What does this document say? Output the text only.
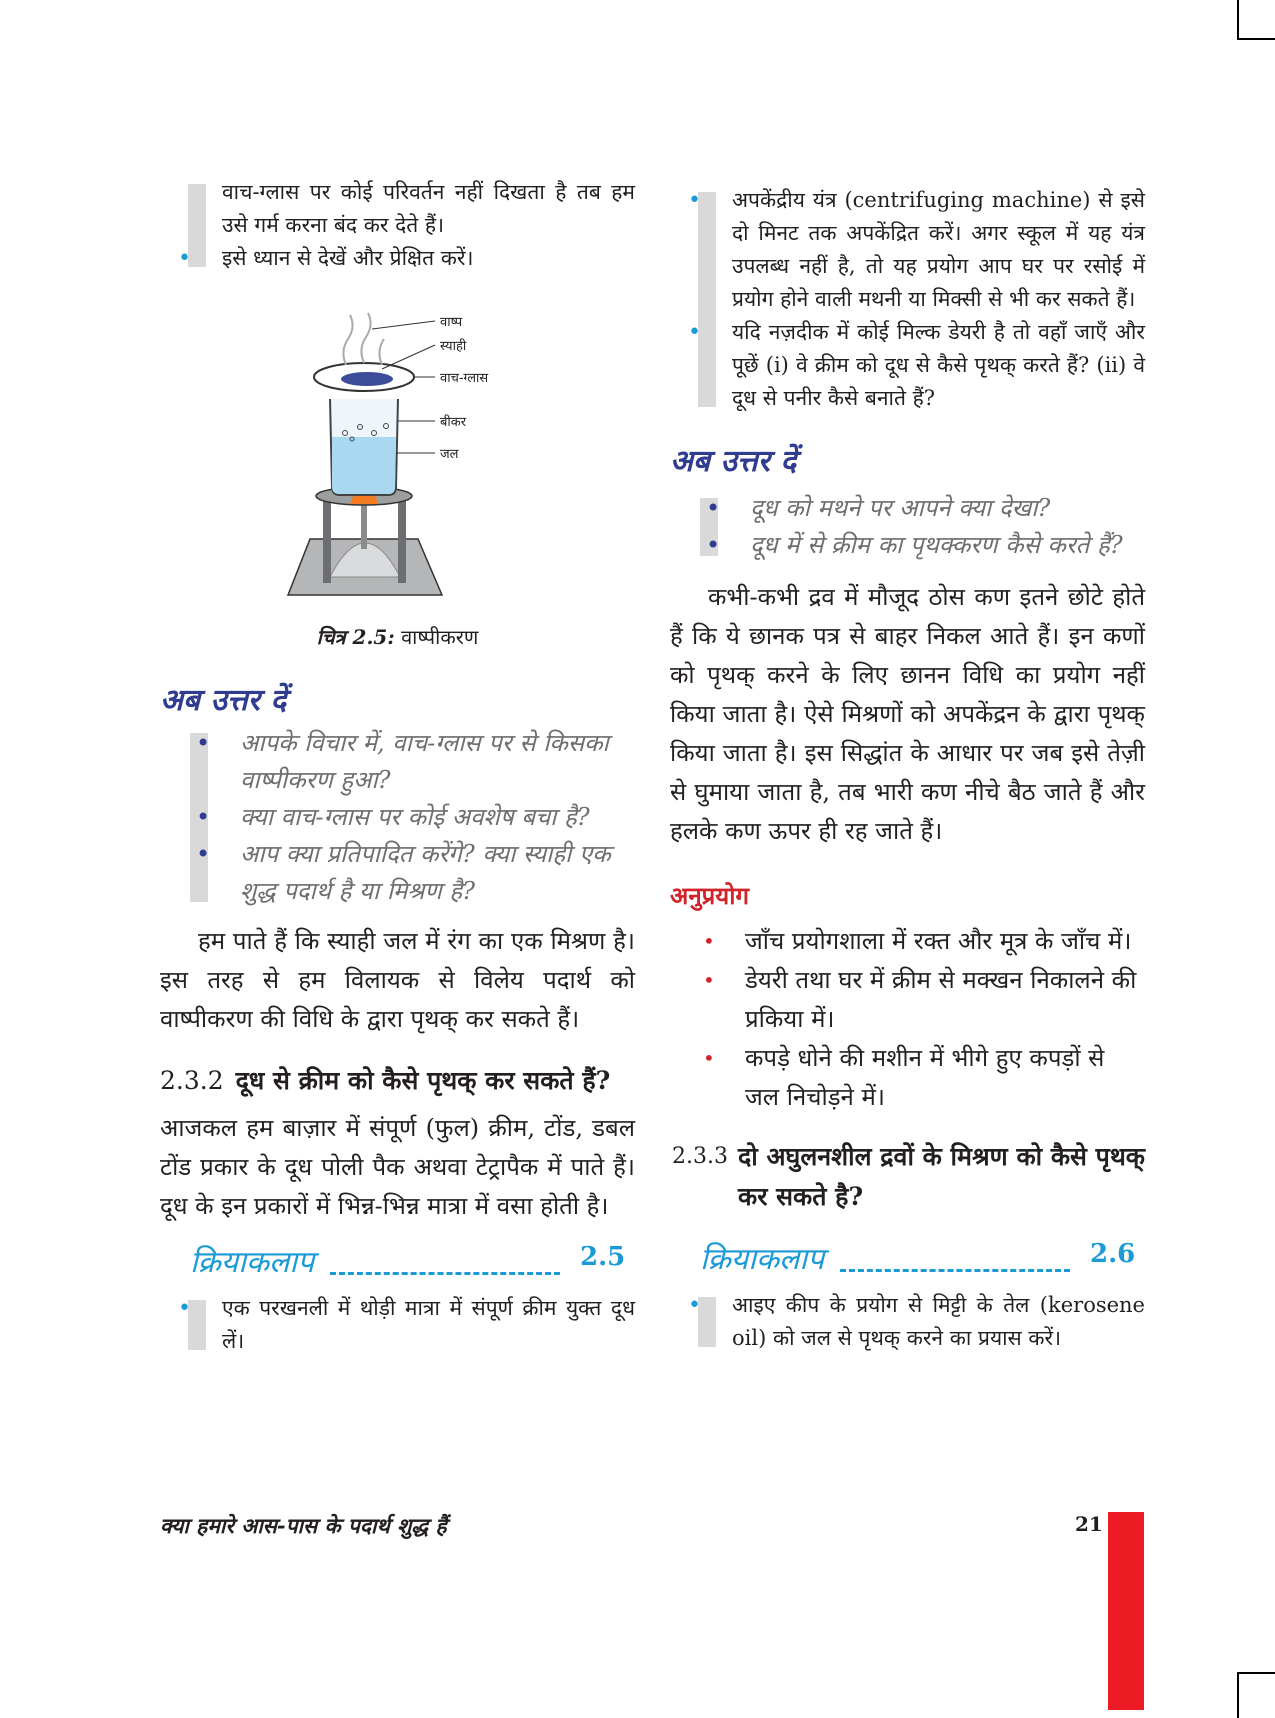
वाच-ग्लास पर कोई परिवर्तन नहीं दिखता है तब हम उसे गर्म करना बंद कर देते हैं।
• इसे ध्यान से देखें और प्रेक्षित करें।
वाष्प
स्याही
वाच-ग्लास
बीकर
जल
चित्र 2.5: वाष्पीकरण
अब उत्तर दें
• आपके विचार में, वाच-ग्लास पर से किसका वाष्पीकरण हुआ?
• क्या वाच-ग्लास पर कोई अवशेष बचा है?
• आप क्या प्रतिपादित करेंगे? क्या स्याही एक शुद्ध पदार्थ है या मिश्रण है?

हम पाते हैं कि स्याही जल में रंग का एक मिश्रण है। इस तरह से हम विलायक से विलेय पदार्थ को वाष्पीकरण की विधि के द्वारा पृथक् कर सकते हैं।

2.3.2 दूध से क्रीम को कैसे पृथक् कर सकते हैं?

आजकल हम बाज़ार में संपूर्ण (फुल) क्रीम, टोंड, डबल टोंड प्रकार के दूध पोली पैक अथवा टेट्रापैक में पाते हैं। दूध के इन प्रकारों में भिन्न-भिन्न मात्रा में वसा होती है।

क्रियाकलाप	2.5
• एक परखनली में थोड़ी मात्रा में संपूर्ण क्रीम युक्त दूध लें।
• अपकेंद्रीय यंत्र (centrifuging machine) से इसे दो मिनट तक अपकेंद्रित करें। अगर स्कूल में यह यंत्र उपलब्ध नहीं है, तो यह प्रयोग आप घर पर रसोई में प्रयोग होने वाली मथनी या मिक्सी से भी कर सकते हैं।
• यदि नज़दीक में कोई मिल्क डेयरी है तो वहाँ जाएँ और पूछें (i) वे क्रीम को दूध से कैसे पृथक् करते हैं? (ii) वे दूध से पनीर कैसे बनाते हैं?
अब उत्तर दें
• दूध को मथने पर आपने क्या देखा?
• दूध में से क्रीम का पृथक्करण कैसे करते हैं?

कभी-कभी द्रव में मौजूद ठोस कण इतने छोटे होते हैं कि ये छानक पत्र से बाहर निकल आते हैं। इन कणों को पृथक् करने के लिए छानन विधि का प्रयोग नहीं किया जाता है। ऐसे मिश्रणों को अपकेंद्रन के द्वारा पृथक् किया जाता है। इस सिद्धांत के आधार पर जब इसे तेज़ी से घुमाया जाता है, तब भारी कण नीचे बैठ जाते हैं और हलके कण ऊपर ही रह जाते हैं।

अनुप्रयोग
• जाँच प्रयोगशाला में रक्त और मूत्र के जाँच में।
• डेयरी तथा घर में क्रीम से मक्खन निकालने की प्रकिया में।
• कपड़े धोने की मशीन में भीगे हुए कपड़ों से जल निचोड़ने में।
2.3.3 दो अघुलनशील द्रवों के मिश्रण को कैसे पृथक् कर सकते है?
क्रियाकलाप	2.6
• आइए कीप के प्रयोग से मिट्टी के तेल (kerosene oil) को जल से पृथक् करने का प्रयास करें।
क्या हमारे आस-पास के पदार्थ शुद्ध हैं	21
